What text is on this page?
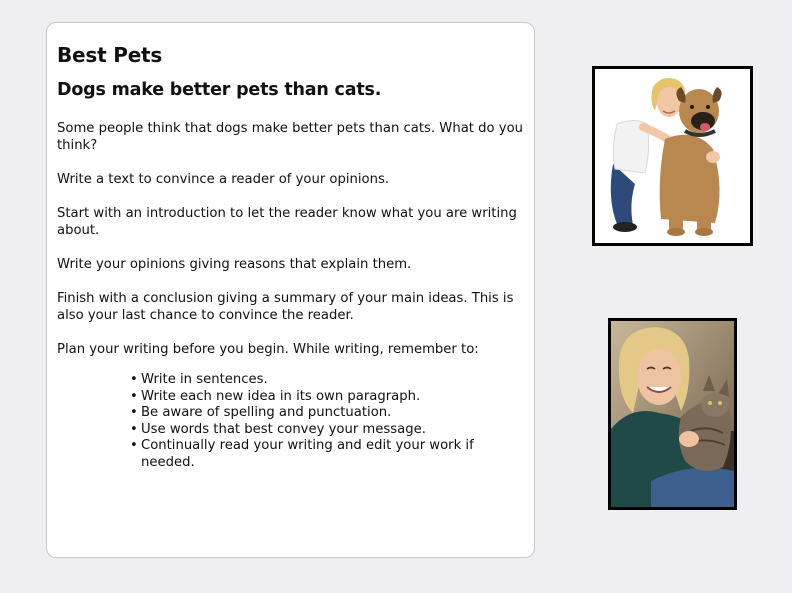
Best Pets
Dogs make better pets than cats.

Some people think that dogs make better pets than cats. What do you think?

Write a text to convince a reader of your opinions.

Start with an introduction to let the reader know what you are writing about.

Write your opinions giving reasons that explain them.

Finish with a conclusion giving a summary of your main ideas. This is also your last chance to convince the reader.

Plan your writing before you begin. While writing, remember to:

• Write in sentences.
• Write each new idea in its own paragraph.
• Be aware of spelling and punctuation.
• Use words that best convey your message.
• Continually read your writing and edit your work if needed.
